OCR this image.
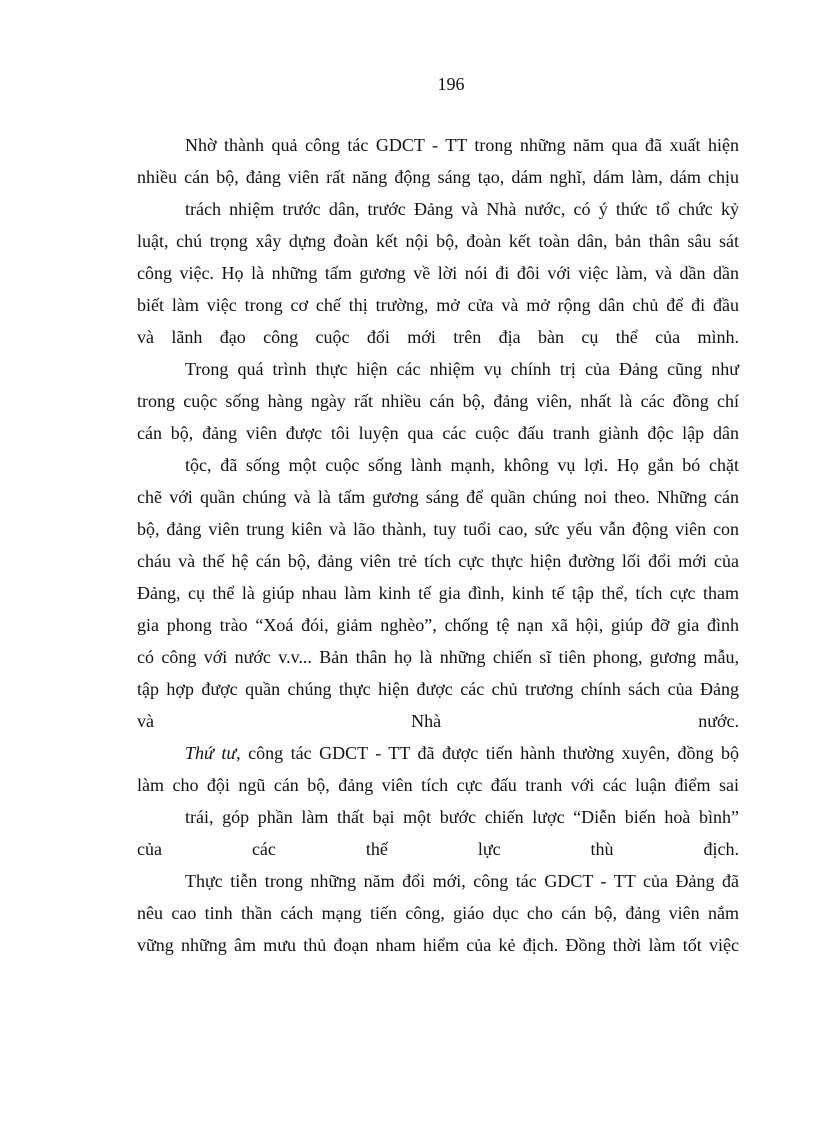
196
Nhờ thành quả công tác GDCT - TT trong những năm qua đã xuất hiện
nhiều cán bộ, đảng viên rất năng động sáng tạo, dám nghĩ, dám làm, dám chịu
trách nhiệm trước dân, trước Đảng và Nhà nước, có ý thức tổ chức kỷ
luật, chú trọng xây dựng đoàn kết nội bộ, đoàn kết toàn dân, bản thân sâu sát
công việc. Họ là những tấm gương về lời nói đi đôi với việc làm, và dần dần
biết làm việc trong cơ chế thị trường, mở cửa và mở rộng dân chủ để đi đầu
và lãnh đạo công cuộc đổi mới trên địa bàn cụ thể của mình.
Trong quá trình thực hiện các nhiệm vụ chính trị của Đảng cũng như
trong cuộc sống hàng ngày rất nhiều cán bộ, đảng viên, nhất là các đồng chí
cán bộ, đảng viên được tôi luyện qua các cuộc đấu tranh giành độc lập dân
tộc, đã sống một cuộc sống lành mạnh, không vụ lợi. Họ gắn bó chặt
chẽ với quần chúng và là tấm gương sáng để quần chúng noi theo. Những cán
bộ, đảng viên trung kiên và lão thành, tuy tuổi cao, sức yếu vẫn động viên con
cháu và thế hệ cán bộ, đảng viên trẻ tích cực thực hiện đường lối đổi mới của
Đảng, cụ thể là giúp nhau làm kinh tế gia đình, kinh tế tập thể, tích cực tham
gia phong trào “Xoá đói, giảm nghèo”, chống tệ nạn xã hội, giúp đỡ gia đình
có công với nước v.v... Bản thân họ là những chiến sĩ tiên phong, gương mẫu,
tập hợp được quần chúng thực hiện được các chủ trương chính sách của Đảng
và	Nhà	nước.
Thứ tư, công tác GDCT - TT đã được tiến hành thường xuyên, đồng bộ
làm cho đội ngũ cán bộ, đảng viên tích cực đấu tranh với các luận điểm sai
trái, góp phần làm thất bại một bước chiến lược “Diễn biến hoà bình”
của	các	thế	lực	thù	địch.
Thực tiễn trong những năm đổi mới, công tác GDCT - TT của Đảng đã
nêu cao tinh thần cách mạng tiến công, giáo dục cho cán bộ, đảng viên nắm
vững những âm mưu thủ đoạn nham hiểm của kẻ địch. Đồng thời làm tốt việc
